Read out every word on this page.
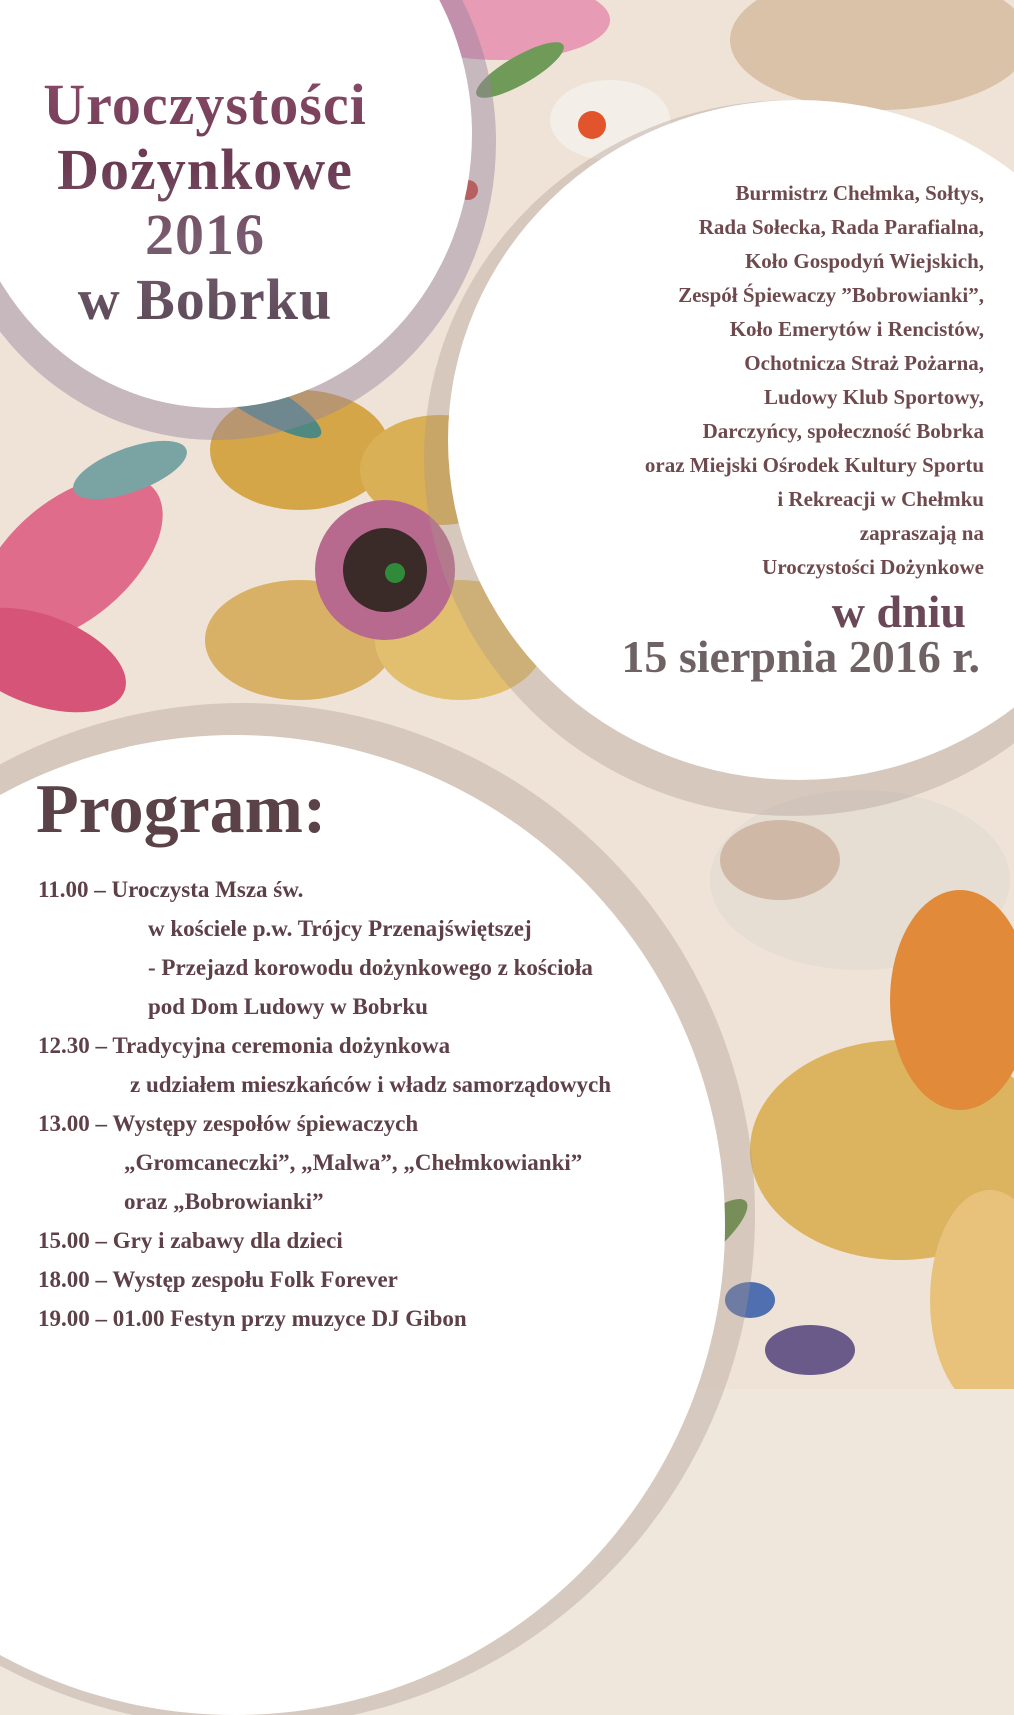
Uroczystości
Dożynkowe
2016
w Bobrku
Burmistrz Chełmka, Sołtys,
Rada Sołecka, Rada Parafialna,
Koło Gospodyń Wiejskich,
Zespół Śpiewaczy ”Bobrowianki”,
Koło Emerytów i Rencistów,
Ochotnicza Straż Pożarna,
Ludowy Klub Sportowy,
Darczyńcy, społeczność Bobrka
oraz Miejski Ośrodek Kultury Sportu
i Rekreacji w Chełmku
zapraszają na
Uroczystości Dożynkowe
w dniu
15 sierpnia 2016 r.
Program:
11.00 – Uroczysta Msza św.
w kościele p.w. Trójcy Przenajświętszej
- Przejazd korowodu dożynkowego z kościoła
pod Dom Ludowy w Bobrku
12.30 – Tradycyjna ceremonia dożynkowa
z udziałem mieszkańców i władz samorządowych
13.00 – Występy zespołów śpiewaczych
„Gromcaneczki”, „Malwa”, „Chełmkowianki”
oraz „Bobrowianki”
15.00 – Gry i zabawy dla dzieci
18.00 – Występ zespołu Folk Forever
19.00 – 01.00 Festyn przy muzyce DJ Gibon
